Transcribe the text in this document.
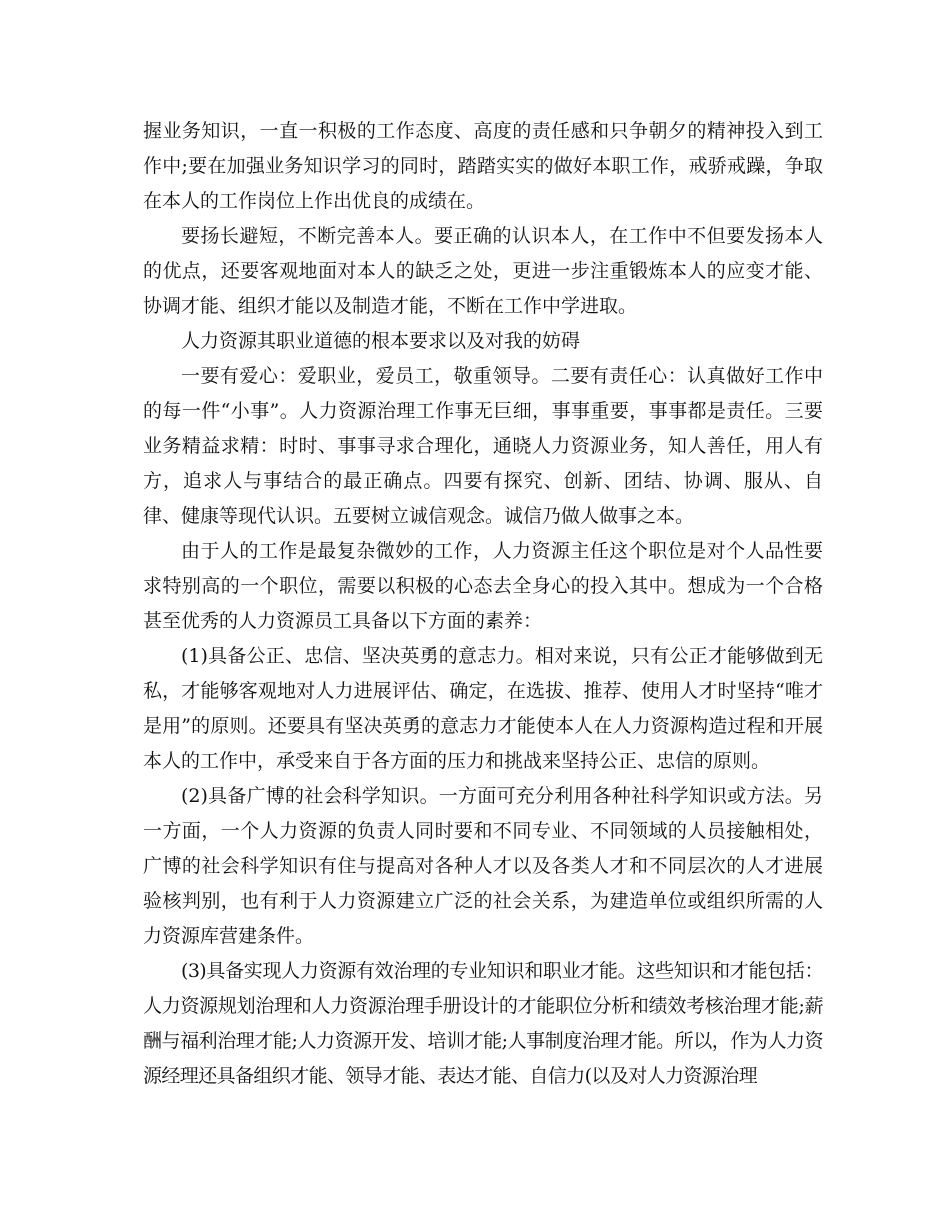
握业务知识，一直一积极的工作态度、高度的责任感和只争朝夕的精神投入到工作中;要在加强业务知识学习的同时，踏踏实实的做好本职工作，戒骄戒躁，争取在本人的工作岗位上作出优良的成绩在。

要扬长避短，不断完善本人。要正确的认识本人，在工作中不但要发扬本人的优点，还要客观地面对本人的缺乏之处，更进一步注重锻炼本人的应变才能、协调才能、组织才能以及制造才能，不断在工作中学进取。

人力资源其职业道德的根本要求以及对我的妨碍

一要有爱心：爱职业，爱员工，敬重领导。二要有责任心：认真做好工作中的每一件“小事”。人力资源治理工作事无巨细，事事重要，事事都是责任。三要业务精益求精：时时、事事寻求合理化，通晓人力资源业务，知人善任，用人有方，追求人与事结合的最正确点。四要有探究、创新、团结、协调、服从、自律、健康等现代认识。五要树立诚信观念。诚信乃做人做事之本。

由于人的工作是最复杂微妙的工作，人力资源主任这个职位是对个人品性要求特别高的一个职位，需要以积极的心态去全身心的投入其中。想成为一个合格甚至优秀的人力资源员工具备以下方面的素养：

(1)具备公正、忠信、坚决英勇的意志力。相对来说，只有公正才能够做到无私，才能够客观地对人力进展评估、确定，在选拔、推荐、使用人才时坚持“唯才是用”的原则。还要具有坚决英勇的意志力才能使本人在人力资源构造过程和开展本人的工作中，承受来自于各方面的压力和挑战来坚持公正、忠信的原则。

(2)具备广博的社会科学知识。一方面可充分利用各种社科学知识或方法。另一方面，一个人力资源的负责人同时要和不同专业、不同领域的人员接触相处，广博的社会科学知识有住与提高对各种人才以及各类人才和不同层次的人才进展验核判别，也有利于人力资源建立广泛的社会关系，为建造单位或组织所需的人力资源库营建条件。

(3)具备实现人力资源有效治理的专业知识和职业才能。这些知识和才能包括：人力资源规划治理和人力资源治理手册设计的才能职位分析和绩效考核治理才能;薪酬与福利治理才能;人力资源开发、培训才能;人事制度治理才能。所以，作为人力资源经理还具备组织才能、领导才能、表达才能、自信力(以及对人力资源治理
